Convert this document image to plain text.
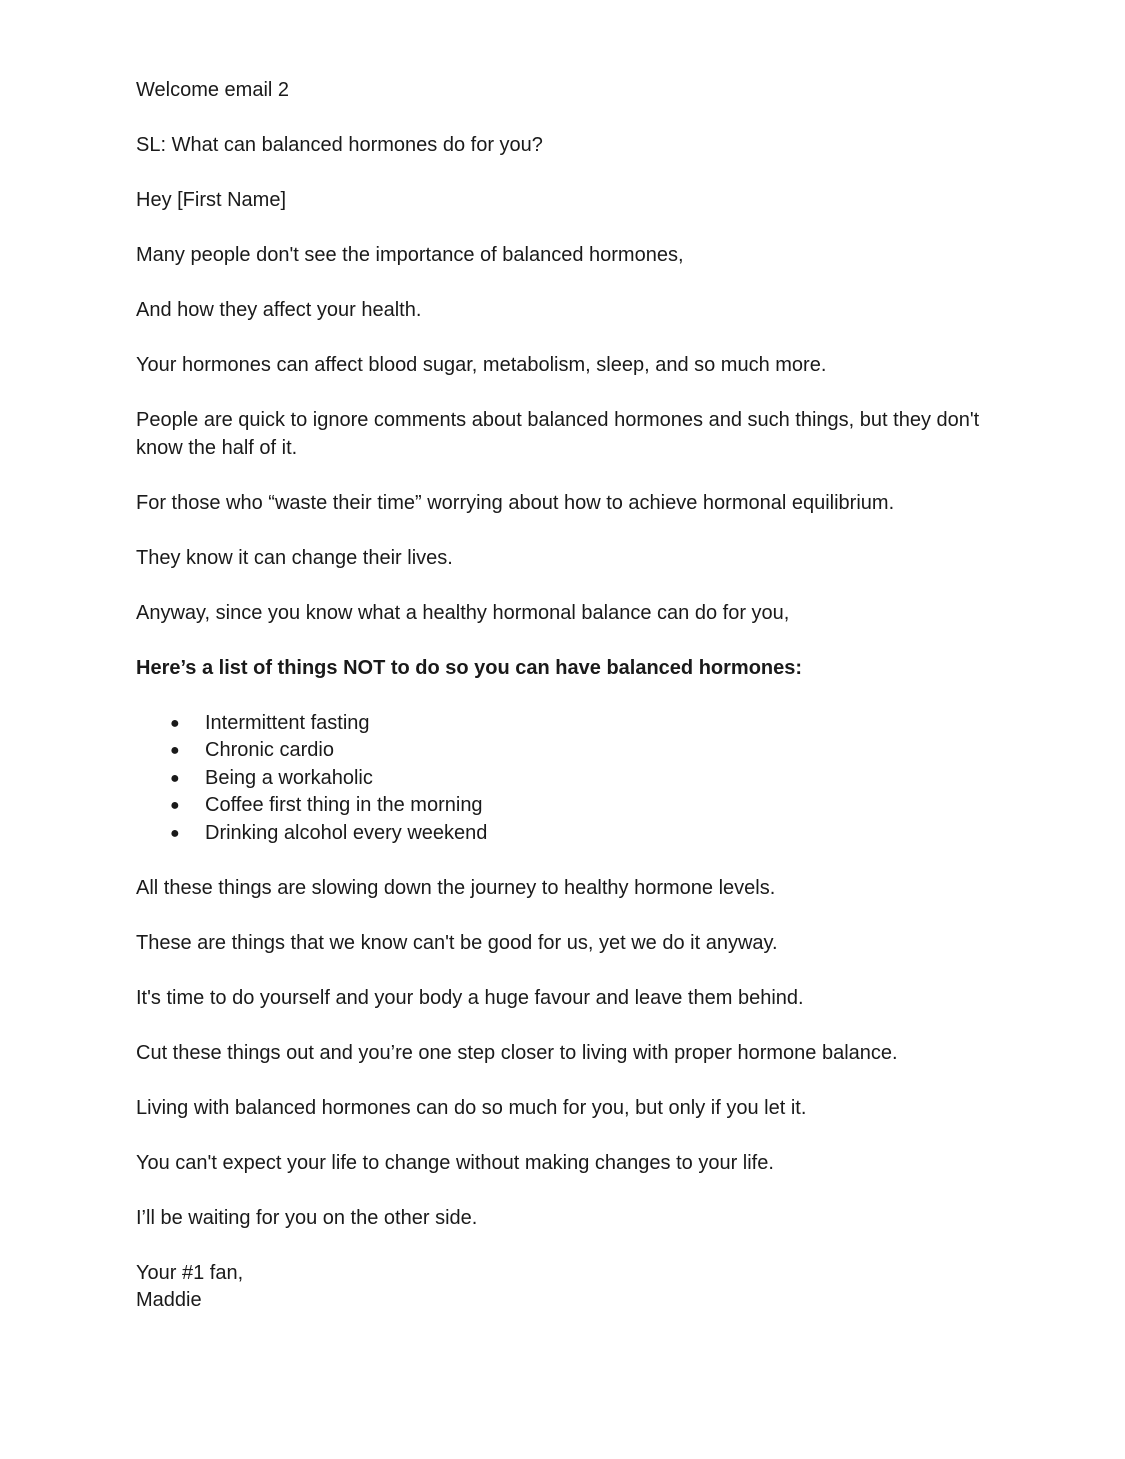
Welcome email 2

SL: What can balanced hormones do for you?

Hey [First Name]

Many people don't see the importance of balanced hormones,

And how they affect your health.

Your hormones can affect blood sugar, metabolism, sleep, and so much more.

People are quick to ignore comments about balanced hormones and such things, but they don't know the half of it.

For those who “waste their time” worrying about how to achieve hormonal equilibrium.

They know it can change their lives.

Anyway, since you know what a healthy hormonal balance can do for you,

Here’s a list of things NOT to do so you can have balanced hormones:

● Intermittent fasting
● Chronic cardio
● Being a workaholic
● Coffee first thing in the morning
● Drinking alcohol every weekend

All these things are slowing down the journey to healthy hormone levels.

These are things that we know can't be good for us, yet we do it anyway.

It's time to do yourself and your body a huge favour and leave them behind.

Cut these things out and you’re one step closer to living with proper hormone balance.

Living with balanced hormones can do so much for you, but only if you let it.

You can't expect your life to change without making changes to your life.

I’ll be waiting for you on the other side.

Your #1 fan,

Maddie
